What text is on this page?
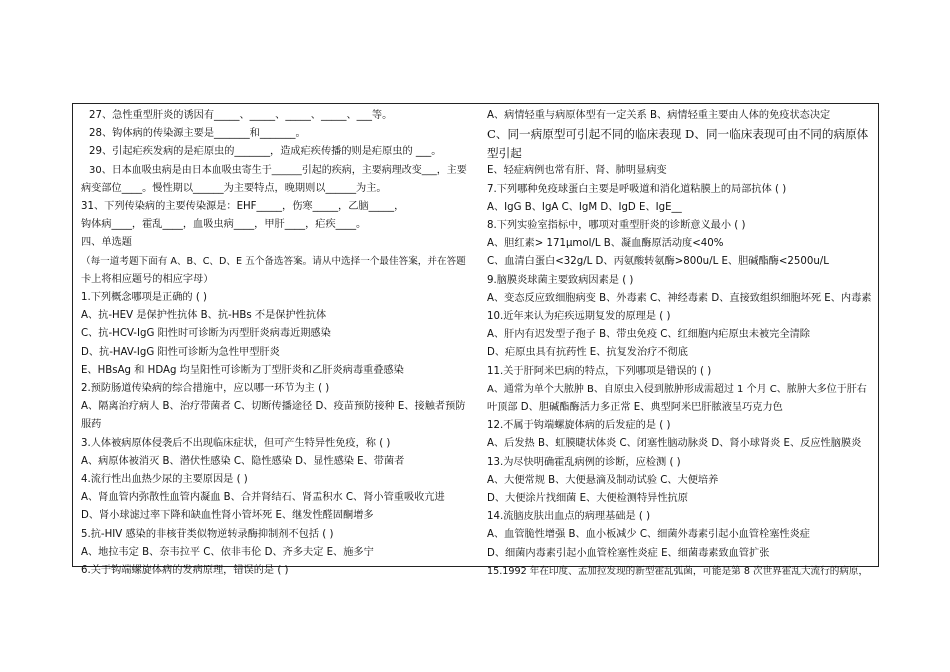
27、急性重型肝炎的诱因有_____、_____、_____、_____、___等。
28、钩体病的传染源主要是_______和_______。
29、引起疟疾发病的是疟原虫的_______，造成疟疾传播的则是疟原虫的 ___。
30、日本血吸虫病是由日本血吸虫寄生于______引起的疾病，主要病理改变___，主要
病变部位____。慢性期以______为主要特点，晚期则以______为主。
31、下列传染病的主要传染源是：EHF_____，伤寒_____，乙脑_____，
钩体病____，霍乱____，血吸虫病____，甲肝____，疟疾____。
四、单选题
（每一道考题下面有 A、B、C、D、E 五个备选答案。请从中选择一个最佳答案，并在答题
卡上将相应题号的相应字母）
1.下列概念哪项是正确的 ( )
A、抗-HEV 是保护性抗体 B、抗-HBs 不是保护性抗体
C、抗-HCV-IgG 阳性时可诊断为丙型肝炎病毒近期感染
D、抗-HAV-IgG 阳性可诊断为急性甲型肝炎
E、HBsAg 和 HDAg 均呈阳性可诊断为丁型肝炎和乙肝炎病毒重叠感染
2.预防肠道传染病的综合措施中，应以哪一环节为主 ( )
A、隔离治疗病人 B、治疗带菌者 C、切断传播途径 D、疫苗预防接种 E、接触者预防
服药
3.人体被病原体侵袭后不出现临床症状，但可产生特异性免疫，称 ( )
A、病原体被消灭 B、潜伏性感染 C、隐性感染 D、显性感染 E、带菌者
4.流行性出血热少尿的主要原因是 ( )
A、肾血管内弥散性血管内凝血 B、合并肾结石、肾盂积水 C、肾小管重吸收亢进
D、肾小球滤过率下降和缺血性肾小管坏死 E、继发性醛固酮增多
5.抗-HIV 感染的非核苷类似物逆转录酶抑制剂不包括 ( )
A、地拉韦定 B、奈韦拉平 C、依非韦伦 D、齐多夫定 E、施多宁
6.关于钩端螺旋体病的发病原理，错误的是 ( )
A、病情轻重与病原体型有一定关系 B、病情轻重主要由人体的免疫状态决定
C、同一病原型可引起不同的临床表现 D、同一临床表现可由不同的病原体
型引起
E、轻症病例也常有肝、肾、肺明显病变
7.下列哪种免疫球蛋白主要是呼吸道和消化道粘膜上的局部抗体 ( )
A、IgG B、IgA C、IgM D、IgD E、IgE__
8.下列实验室指标中，哪项对重型肝炎的诊断意义最小 ( )
A、胆红素> 171μmol/L B、凝血酶原活动度<40%
C、血清白蛋白<32g/L D、丙氨酸转氨酶>800u/L E、胆碱酯酶<2500u/L
9.脑膜炎球菌主要致病因素是 ( )
A、变态反应致细胞病变 B、外毒素 C、神经毒素 D、直接致组织细胞坏死 E、内毒素
10.近年来认为疟疾远期复发的原理是 ( )
A、肝内有迟发型子孢子 B、带虫免疫 C、红细胞内疟原虫未被完全清除
D、疟原虫具有抗药性 E、抗复发治疗不彻底
11.关于肝阿米巴病的特点，下列哪项是错误的 ( )
A、通常为单个大脓肿 B、自原虫入侵到脓肿形成需超过 1 个月 C、脓肿大多位于肝右
叶顶部 D、胆碱酯酶活力多正常 E、典型阿米巴肝脓液呈巧克力色
12.不属于钩端螺旋体病的后发症的是 ( )
A、后发热 B、虹膜睫状体炎 C、闭塞性脑动脉炎 D、肾小球肾炎 E、反应性脑膜炎
13.为尽快明确霍乱病例的诊断，应检测 ( )
A、大便常规 B、大便悬滴及制动试验 C、大便培养
D、大便涂片找细菌 E、大便检测特异性抗原
14.流脑皮肤出血点的病理基础是 ( )
A、血管脆性增强 B、血小板减少 C、细菌外毒素引起小血管栓塞性炎症
D、细菌内毒素引起小血管栓塞性炎症 E、细菌毒素致血管扩张
15.1992 年在印度、孟加拉发现的新型霍乱弧菌，可能是第 8 次世界霍乱大流行的病原，
